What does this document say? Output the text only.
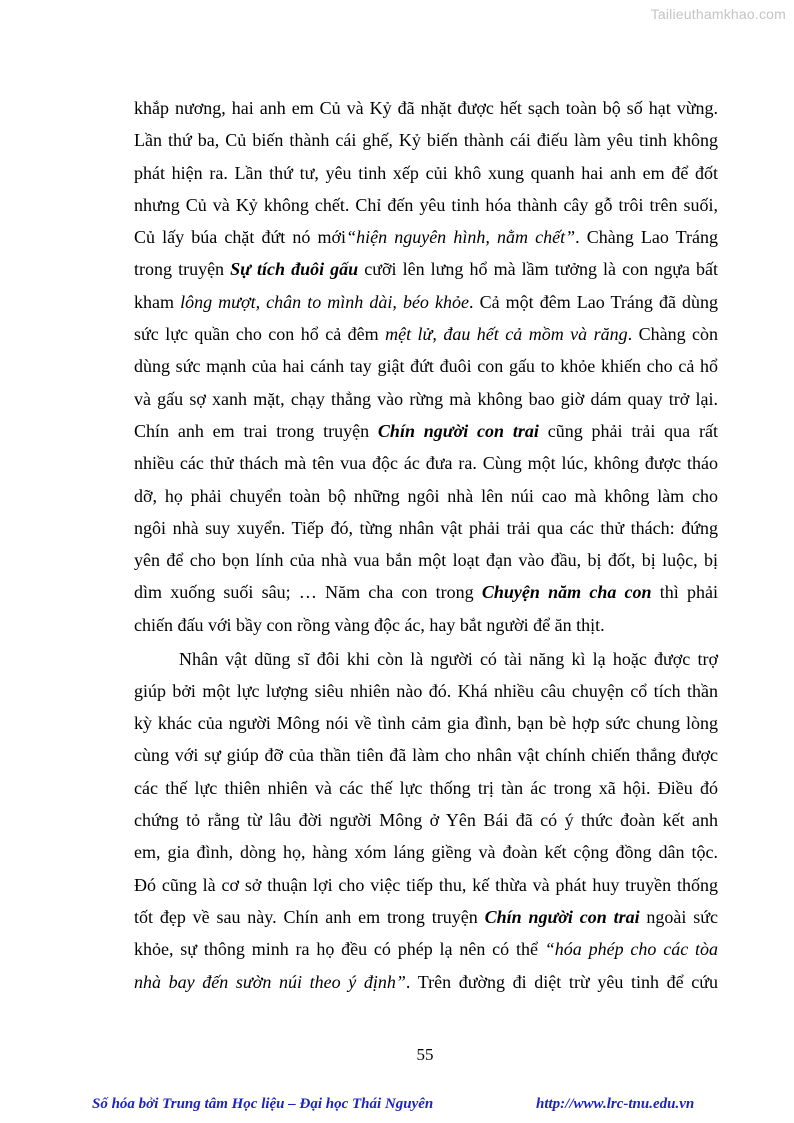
Tailieuthamkhao.com
khắp nương, hai anh em Củ và Kỷ đã nhặt được hết sạch toàn bộ số hạt vừng.
Lần thứ ba, Củ biến thành cái ghế, Kỷ biến thành cái điếu làm yêu tinh không
phát hiện ra. Lần thứ tư, yêu tinh xếp củi khô xung quanh hai anh em để đốt
nhưng Củ và Kỷ không chết. Chỉ đến yêu tinh hóa thành cây gỗ trôi trên suối,
Củ lấy búa chặt đứt nó mới“hiện nguyên hình, nằm chết”. Chàng Lao Tráng
trong truyện Sự tích đuôi gấu cưỡi lên lưng hổ mà lầm tưởng là con ngựa bất
kham lông mượt, chân to mình dài, béo khỏe. Cả một đêm Lao Tráng đã dùng
sức lực quần cho con hổ cả đêm mệt lử, đau hết cả mồm và răng. Chàng còn
dùng sức mạnh của hai cánh tay giật đứt đuôi con gấu to khỏe khiến cho cả hổ
và gấu sợ xanh mặt, chạy thẳng vào rừng mà không bao giờ dám quay trở lại.
Chín anh em trai trong truyện Chín người con trai cũng phải trải qua rất
nhiều các thử thách mà tên vua độc ác đưa ra. Cùng một lúc, không được tháo
dỡ, họ phải chuyển toàn bộ những ngôi nhà lên núi cao mà không làm cho
ngôi nhà suy xuyển. Tiếp đó, từng nhân vật phải trải qua các thử thách: đứng
yên để cho bọn lính của nhà vua bắn một loạt đạn vào đầu, bị đốt, bị luộc, bị
dìm xuống suối sâu; … Năm cha con trong Chuyện năm cha con thì phải
chiến đấu với bầy con rồng vàng độc ác, hay bắt người để ăn thịt.
Nhân vật dũng sĩ đôi khi còn là người có tài năng kì lạ hoặc được trợ
giúp bởi một lực lượng siêu nhiên nào đó. Khá nhiều câu chuyện cổ tích thần
kỳ khác của người Mông nói về tình cảm gia đình, bạn bè hợp sức chung lòng
cùng với sự giúp đỡ của thần tiên đã làm cho nhân vật chính chiến thắng được
các thế lực thiên nhiên và các thế lực thống trị tàn ác trong xã hội. Điều đó
chứng tỏ rằng từ lâu đời người Mông ở Yên Bái đã có ý thức đoàn kết anh
em, gia đình, dòng họ, hàng xóm láng giềng và đoàn kết cộng đồng dân tộc.
Đó cũng là cơ sở thuận lợi cho việc tiếp thu, kế thừa và phát huy truyền thống
tốt đẹp về sau này. Chín anh em trong truyện Chín người con trai ngoài sức
khỏe, sự thông minh ra họ đều có phép lạ nên có thể “hóa phép cho các tòa
nhà bay đến sườn núi theo ý định”. Trên đường đi diệt trừ yêu tinh để cứu
55
Số hóa bởi Trung tâm Học liệu – Đại học Thái Nguyên	http://www.lrc-tnu.edu.vn
